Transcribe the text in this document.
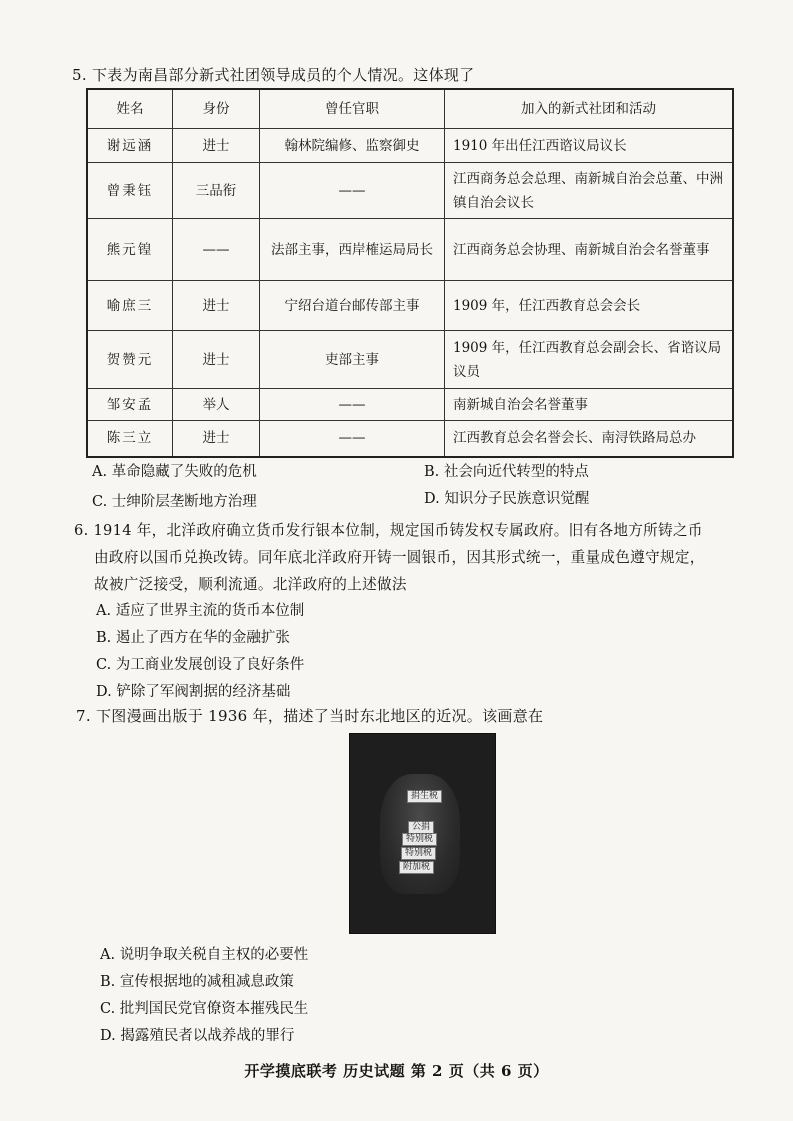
5. 下表为南昌部分新式社团领导成员的个人情况。这体现了

姓名	身份	曾任官职	加入的新式社团和活动
谢远涵	进士	翰林院编修、监察御史	1910 年出任江西谘议局议长
曾秉钰	三品衔	——	江西商务总会总理、南新城自治会总董、中洲镇自治会议长
熊元锽	——	法部主事，西岸榷运局局长	江西商务总会协理、南新城自治会名誉董事
喻庶三	进士	宁绍台道台邮传部主事	1909 年，任江西教育总会会长
贺赞元	进士	吏部主事	1909 年，任江西教育总会副会长、省谘议局议员
邹安孟	举人	——	南新城自治会名誉董事
陈三立	进士	——	江西教育总会名誉会长、南浔铁路局总办
A. 革命隐藏了失败的危机	B. 社会向近代转型的特点
C. 士绅阶层垄断地方治理	D. 知识分子民族意识觉醒

6. 1914 年，北洋政府确立货币发行银本位制，规定国币铸发权专属政府。旧有各地方所铸之币

由政府以国币兑换改铸。同年底北洋政府开铸一圆银币，因其形式统一，重量成色遵守规定，

故被广泛接受，顺利流通。北洋政府的上述做法

A. 适应了世界主流的货币本位制
B. 遏止了西方在华的金融扩张
C. 为工商业发展创设了良好条件
D. 铲除了军阀割据的经济基础

7. 下图漫画出版于 1936 年，描述了当时东北地区的近况。该画意在

捐生税
公捐
特别税
特别税
附加税
A. 说明争取关税自主权的必要性
B. 宣传根据地的减租减息政策
C. 批判国民党官僚资本摧残民生
D. 揭露殖民者以战养战的罪行
开学摸底联考 历史试题 第 2 页（共 6 页）
